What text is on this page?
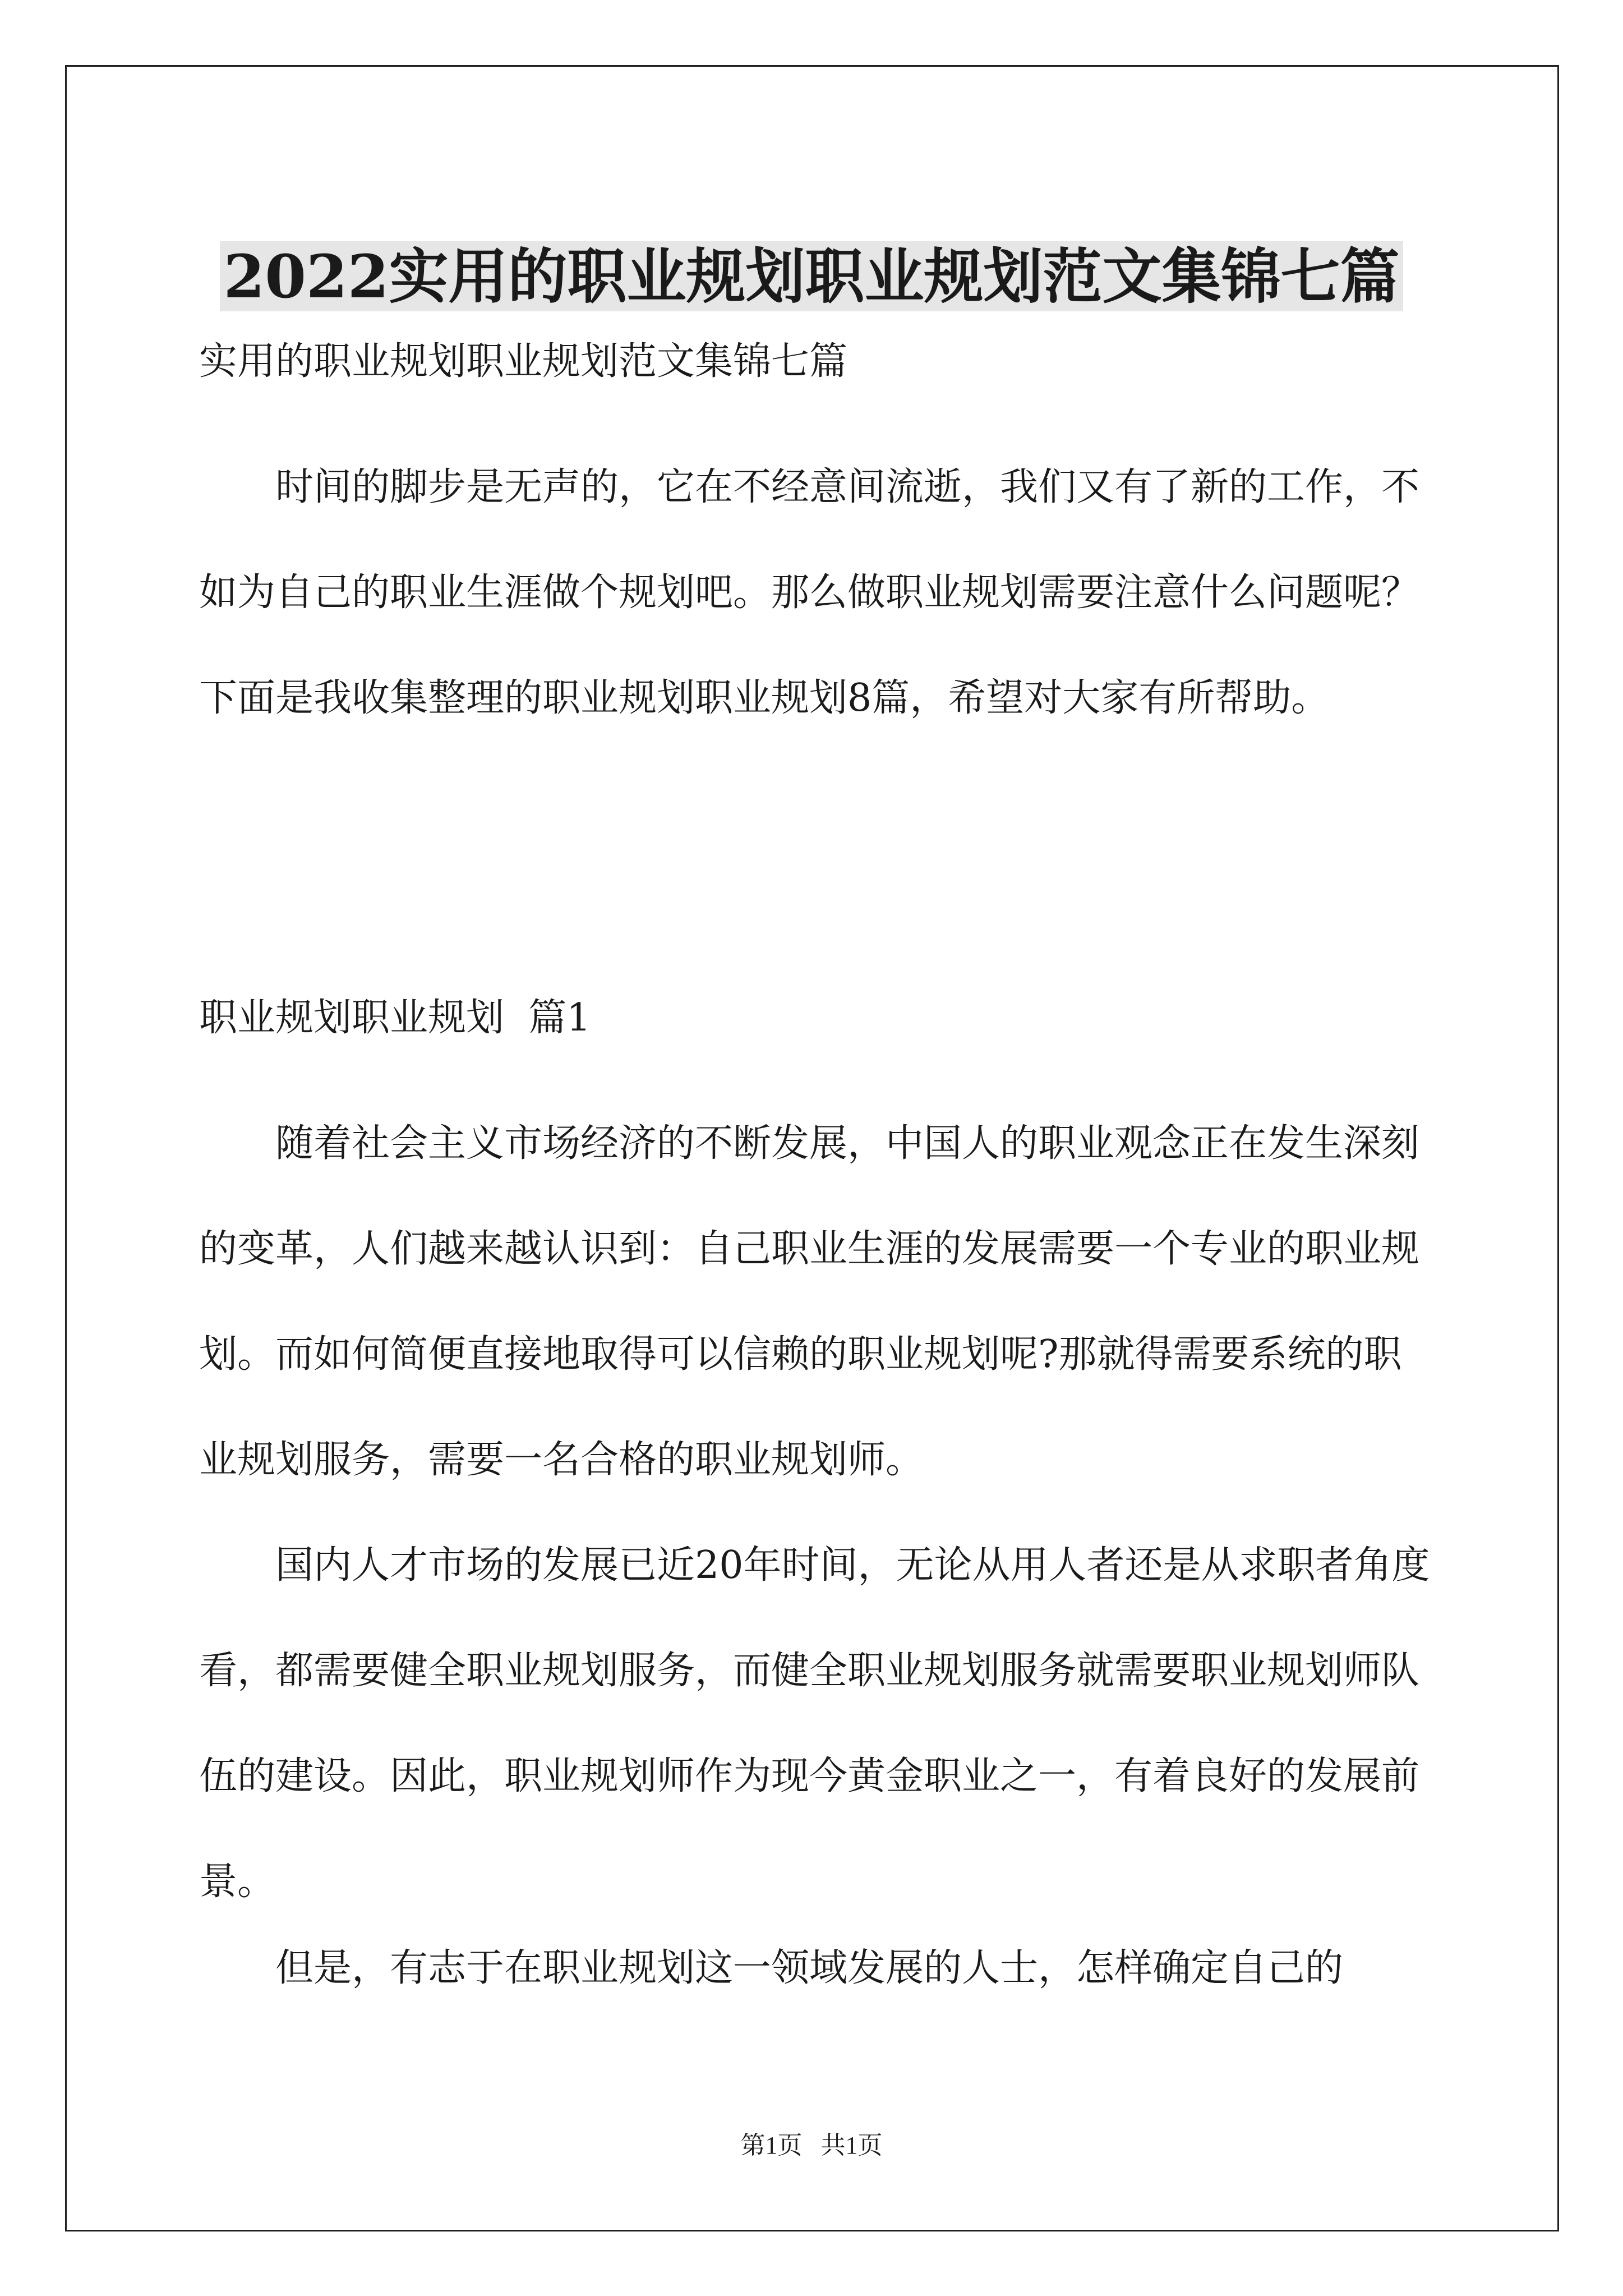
2022实用的职业规划职业规划范文集锦七篇

实用的职业规划职业规划范文集锦七篇

时间的脚步是无声的，它在不经意间流逝，我们又有了新的工作，不如为自己的职业生涯做个规划吧。那么做职业规划需要注意什么问题呢？下面是我收集整理的职业规划职业规划8篇，希望对大家有所帮助。

职业规划职业规划  篇1

随着社会主义市场经济的不断发展，中国人的职业观念正在发生深刻的变革，人们越来越认识到：自己职业生涯的发展需要一个专业的职业规划。而如何简便直接地取得可以信赖的职业规划呢?那就得需要系统的职业规划服务，需要一名合格的职业规划师。

国内人才市场的发展已近20年时间，无论从用人者还是从求职者角度看，都需要健全职业规划服务，而健全职业规划服务就需要职业规划师队伍的建设。因此，职业规划师作为现今黄金职业之一，有着良好的发展前景。

但是，有志于在职业规划这一领域发展的人士，怎样确定自己的

第1页   共1页
